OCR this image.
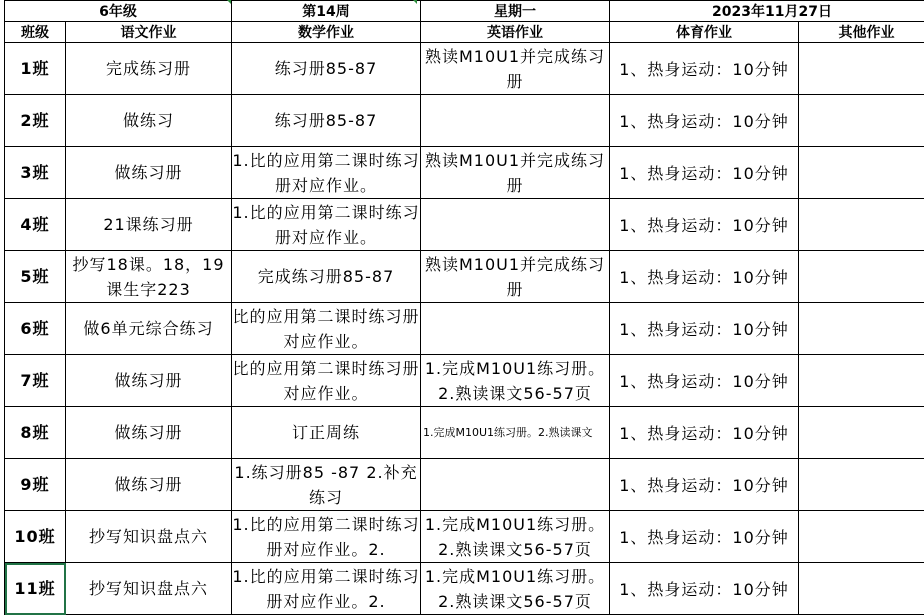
6年级		第14周	星期一	2023年11月27日	
班级	语文作业	数学作业	英语作业	体育作业	其他作业
1班	完成练习册	练习册85-87	熟读M10U1并完成练习册	1、热身运动：10分钟	

2班	做练习	练习册85-87		1、热身运动：10分钟	

3班	做练习册	1.比的应用第二课时练习册对应作业。	熟读M10U1并完成练习册	1、热身运动：10分钟	

4班	21课练习册	1.比的应用第二课时练习册对应作业。		1、热身运动：10分钟	

5班	抄写18课。18，19课生字223	完成练习册85-87	熟读M10U1并完成练习册	1、热身运动：10分钟	

6班	做6单元综合练习	比的应用第二课时练习册对应作业。		1、热身运动：10分钟	

7班	做练习册	比的应用第二课时练习册对应作业。	1.完成M10U1练习册。2.熟读课文56-57页	1、热身运动：10分钟	

8班	做练习册	订正周练	1.完成M10U1练习册。2.熟读课文	1、热身运动：10分钟	

9班	做练习册	1.练习册85 -87 2.补充练习		1、热身运动：10分钟	

10班	抄写知识盘点六	1.比的应用第二课时练习册对应作业。2.	1.完成M10U1练习册。2.熟读课文56-57页	1、热身运动：10分钟	

11班	抄写知识盘点六	1.比的应用第二课时练习册对应作业。2.	1.完成M10U1练习册。2.熟读课文56-57页	1、热身运动：10分钟	
